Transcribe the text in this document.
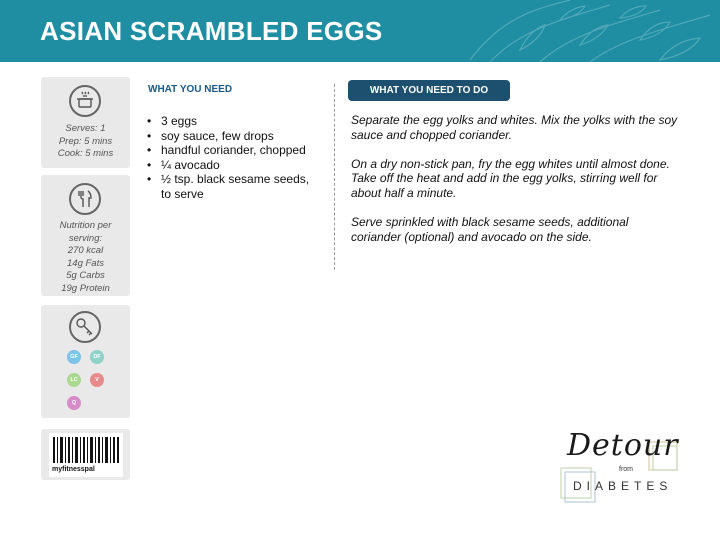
ASIAN SCRAMBLED EGGS
Serves: 1
Prep: 5 mins
Cook: 5 mins
Nutrition per
serving:
270 kcal
14g Fats
5g Carbs
19g Protein
GF	DF
LC	V
Q
myfitnesspal
WHAT YOU NEED
• 3 eggs
• soy sauce, few drops
• handful coriander, chopped
• ¼ avocado
• ½ tsp. black sesame seeds, to serve
WHAT YOU NEED TO DO

Separate the egg yolks and whites. Mix the yolks with the soy sauce and chopped coriander.

On a dry non-stick pan, fry the egg whites until almost done. Take off the heat and add in the egg yolks, stirring well for about half a minute.

Serve sprinkled with black sesame seeds, additional coriander (optional) and avocado on the side.

Detour
from
DIABETES
